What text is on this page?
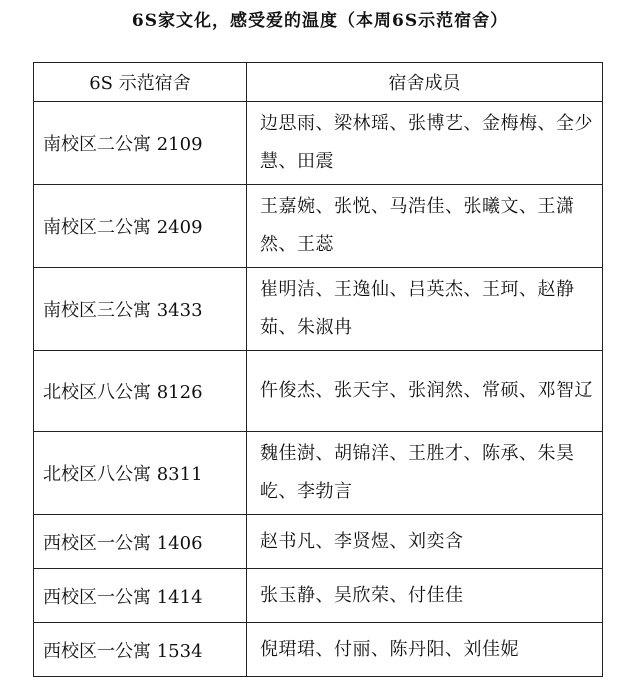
6S家文化，感受爱的温度（本周6S示范宿舍）
6S 示范宿舍	宿舍成员
南校区二公寓 2109	边思雨、梁林瑶、张博艺、金梅梅、全少慧、田震
南校区二公寓 2409	王嘉婉、张悦、马浩佳、张曦文、王潇然、王蕊
南校区三公寓 3433	崔明洁、王逸仙、吕英杰、王珂、赵静茹、朱淑冉
北校区八公寓 8126	仵俊杰、张天宇、张润然、常硕、邓智辽
北校区八公寓 8311	魏佳澍、胡锦洋、王胜才、陈承、朱昊屹、李勃言
西校区一公寓 1406	赵书凡、李贤煜、刘奕含
西校区一公寓 1414	张玉静、吴欣荣、付佳佳
西校区一公寓 1534	倪珺珺、付丽、陈丹阳、刘佳妮
